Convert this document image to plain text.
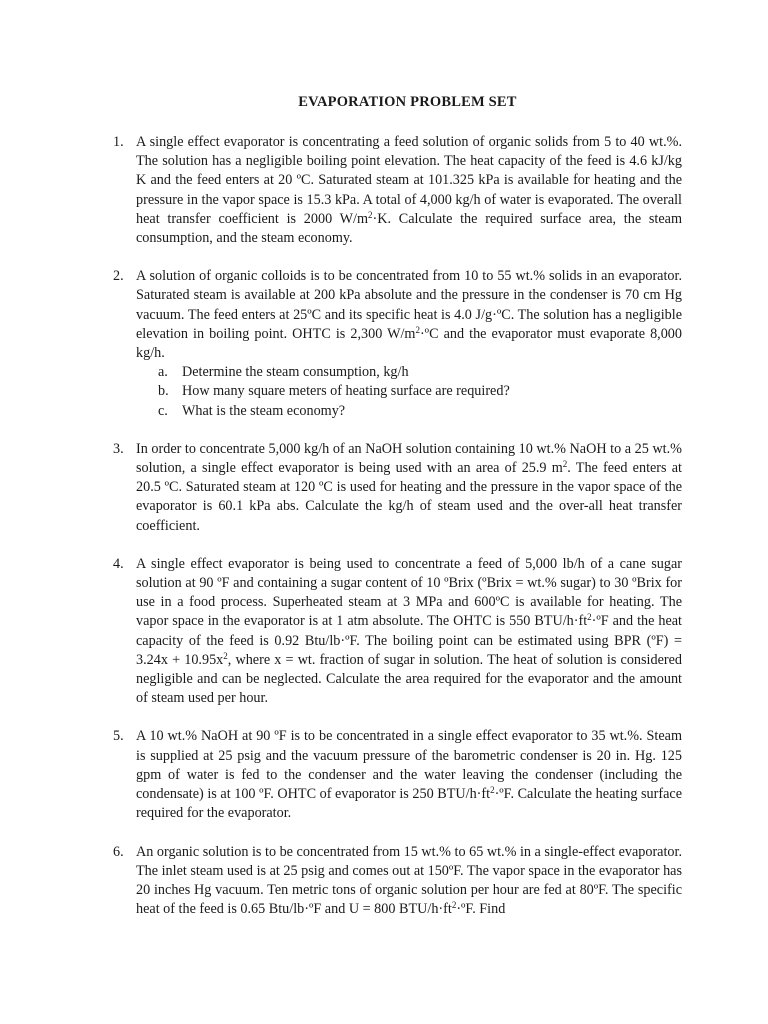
EVAPORATION PROBLEM SET
1. A single effect evaporator is concentrating a feed solution of organic solids from 5 to 40 wt.%. The solution has a negligible boiling point elevation. The heat capacity of the feed is 4.6 kJ/kg K and the feed enters at 20 ºC. Saturated steam at 101.325 kPa is available for heating and the pressure in the vapor space is 15.3 kPa. A total of 4,000 kg/h of water is evaporated. The overall heat transfer coefficient is 2000 $W/m^2\cdot K$. Calculate the required surface area, the steam consumption, and the steam economy.
2. A solution of organic colloids is to be concentrated from 10 to 55 wt.% solids in an evaporator. Saturated steam is available at 200 kPa absolute and the pressure in the condenser is 70 cm Hg vacuum. The feed enters at 25ºC and its specific heat is 4.0 J/g·ºC. The solution has a negligible elevation in boiling point. OHTC is 2,300 $W/m^2\cdot ºC$ and the evaporator must evaporate 8,000 kg/h.
a. Determine the steam consumption, kg/h
b. How many square meters of heating surface are required?
c. What is the steam economy?
3. In order to concentrate 5,000 kg/h of an NaOH solution containing 10 wt.% NaOH to a 25 wt.% solution, a single effect evaporator is being used with an area of 25.9 $m^2$. The feed enters at 20.5 ºC. Saturated steam at 120 ºC is used for heating and the pressure in the vapor space of the evaporator is 60.1 kPa abs. Calculate the kg/h of steam used and the over-all heat transfer coefficient.
4. A single effect evaporator is being used to concentrate a feed of 5,000 lb/h of a cane sugar solution at 90 ºF and containing a sugar content of 10 ºBrix (ºBrix = wt.% sugar) to 30 ºBrix for use in a food process. Superheated steam at 3 MPa and 600ºC is available for heating. The vapor space in the evaporator is at 1 atm absolute. The OHTC is 550 BTU/$h\cdot ft^2\cdot ºF$ and the heat capacity of the feed is 0.92 Btu/lb·ºF. The boiling point can be estimated using BPR (ºF) = $3.24x + 10.95x^2$, where x = wt. fraction of sugar in solution. The heat of solution is considered negligible and can be neglected. Calculate the area required for the evaporator and the amount of steam used per hour.
5. A 10 wt.% NaOH at 90 ºF is to be concentrated in a single effect evaporator to 35 wt.%. Steam is supplied at 25 psig and the vacuum pressure of the barometric condenser is 20 in. Hg. 125 gpm of water is fed to the condenser and the water leaving the condenser (including the condensate) is at 100 ºF. OHTC of evaporator is 250 BTU/$h\cdot ft^2\cdot ºF$. Calculate the heating surface required for the evaporator.
6. An organic solution is to be concentrated from 15 wt.% to 65 wt.% in a single-effect evaporator. The inlet steam used is at 25 psig and comes out at 150ºF. The vapor space in the evaporator has 20 inches Hg vacuum. Ten metric tons of organic solution per hour are fed at 80ºF. The specific heat of the feed is 0.65 Btu/lb·ºF and U = 800 BTU/$h\cdot ft^2\cdot ºF$. Find
